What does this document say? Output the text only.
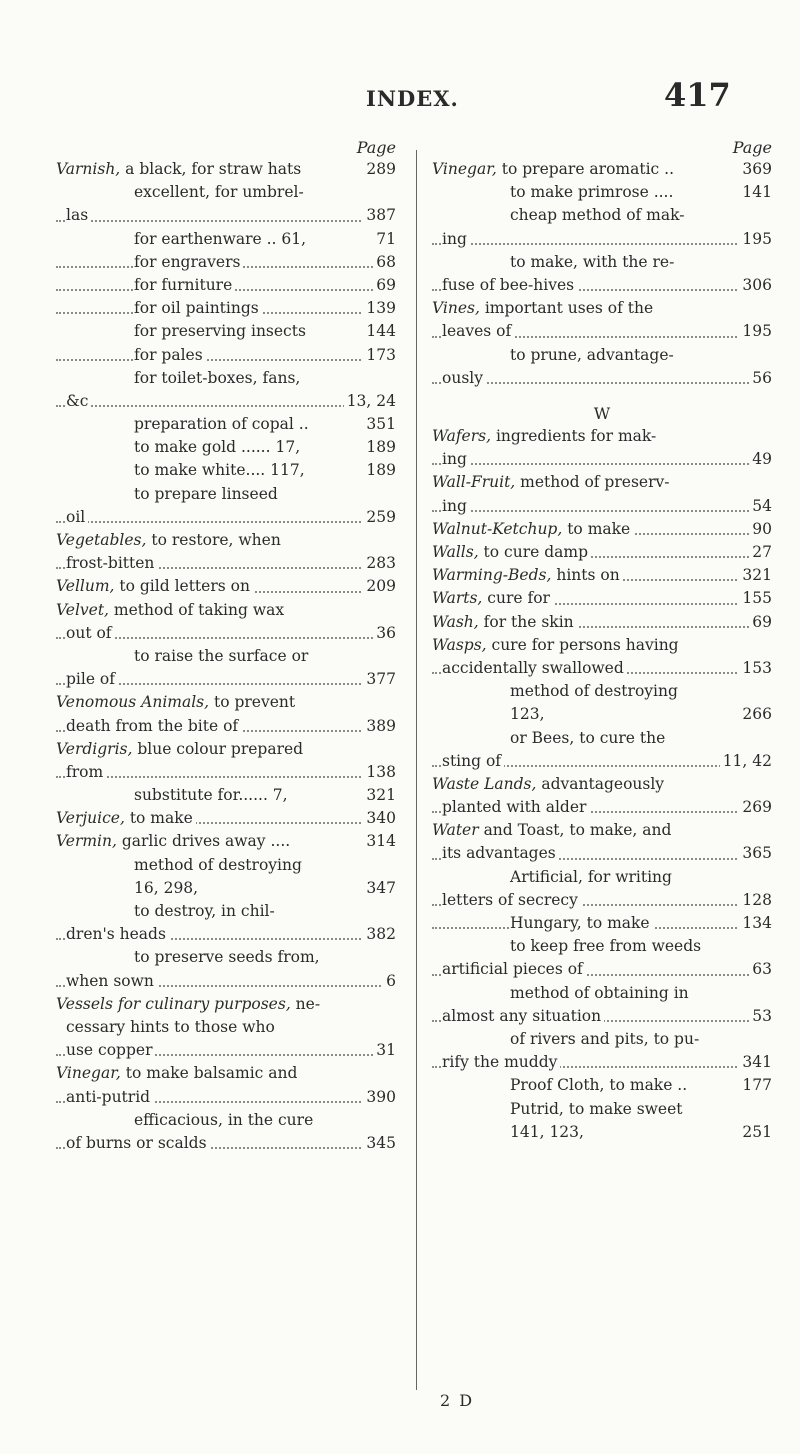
INDEX.	417
Page
Varnish, a black, for straw hats	289
excellent, for umbrel-
las	387
for earthenware .. 61,	71
for engravers	68
for furniture	69
for oil paintings	139
for preserving insects	144
for pales	173
for toilet-boxes, fans,
&c	13, 24
preparation of copal ..	351
to make gold ...... 17,	189
to make white.... 117,	189
to prepare linseed
oil	259
Vegetables, to restore, when
frost-bitten	283
Vellum, to gild letters on	209
Velvet, method of taking wax
out of	36
to raise the surface or
pile of	377
Venomous Animals, to prevent
death from the bite of	389
Verdigris, blue colour prepared
from	138
substitute for...... 7,	321
Verjuice, to make	340
Vermin, garlic drives away ....	314
method of destroying
16, 298,	347
to destroy, in chil-
dren's heads	382
to preserve seeds from,
when sown	6
Vessels for culinary purposes, ne-
cessary hints to those who
use copper	31
Vinegar, to make balsamic and
anti-putrid	390
efficacious, in the cure
of burns or scalds	345
Page
Vinegar, to prepare aromatic ..	369
to make primrose ....	141
cheap method of mak-
ing	195
to make, with the re-
fuse of bee-hives	306
Vines, important uses of the
leaves of	195
to prune, advantage-
ously	56
W
Wafers, ingredients for mak-
ing	49
Wall-Fruit, method of preserv-
ing	54
Walnut-Ketchup, to make	90
Walls, to cure damp	27
Warming-Beds, hints on	321
Warts, cure for	155
Wash, for the skin	69
Wasps, cure for persons having
accidentally swallowed	153
method of destroying
123,	266
or Bees, to cure the
sting of	11, 42
Waste Lands, advantageously
planted with alder	269
Water and Toast, to make, and
its advantages	365
Artificial, for writing
letters of secrecy	128
Hungary, to make	134
to keep free from weeds
artificial pieces of	63
method of obtaining in
almost any situation	53
of rivers and pits, to pu-
rify the muddy	341
Proof Cloth, to make ..	177
Putrid, to make sweet
141, 123,	251
2 D
